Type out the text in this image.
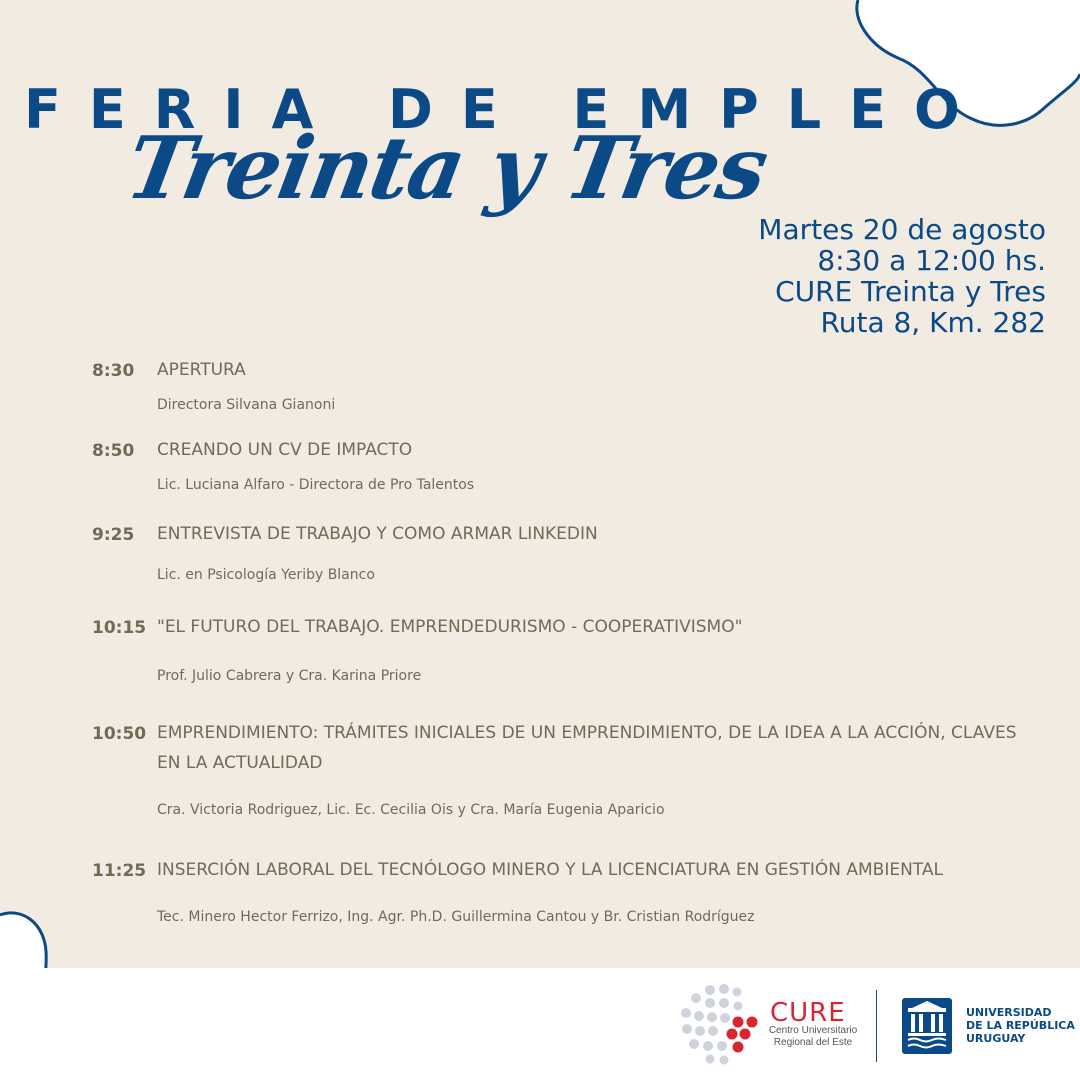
FERIA DE EMPLEO
Treinta y Tres
Martes 20 de agosto
8:30 a 12:00 hs.
CURE Treinta y Tres
Ruta 8, Km. 282
8:30 APERTURA
Directora Silvana Gianoni
8:50 CREANDO UN CV DE IMPACTO
Lic. Luciana Alfaro - Directora de Pro Talentos
9:25 ENTREVISTA DE TRABAJO Y COMO ARMAR LINKEDIN
Lic. en Psicología Yeriby Blanco
10:15 "EL FUTURO DEL TRABAJO. EMPRENDEDURISMO - COOPERATIVISMO"
Prof. Julio Cabrera y Cra. Karina Priore
10:50 EMPRENDIMIENTO: TRÁMITES INICIALES DE UN EMPRENDIMIENTO, DE LA IDEA A LA ACCIÓN, CLAVES EN LA ACTUALIDAD
Cra. Victoria Rodriguez, Lic. Ec. Cecilia Ois y Cra. María Eugenia Aparicio
11:25 INSERCIÓN LABORAL DEL TECNÓLOGO MINERO Y LA LICENCIATURA EN GESTIÓN AMBIENTAL
Tec. Minero Hector Ferrizo, Ing. Agr. Ph.D. Guillermina Cantou y Br. Cristian Rodríguez
CURE
Centro Universitario
Regional del Este
UNIVERSIDAD
DE LA REPÚBLICA
URUGUAY
